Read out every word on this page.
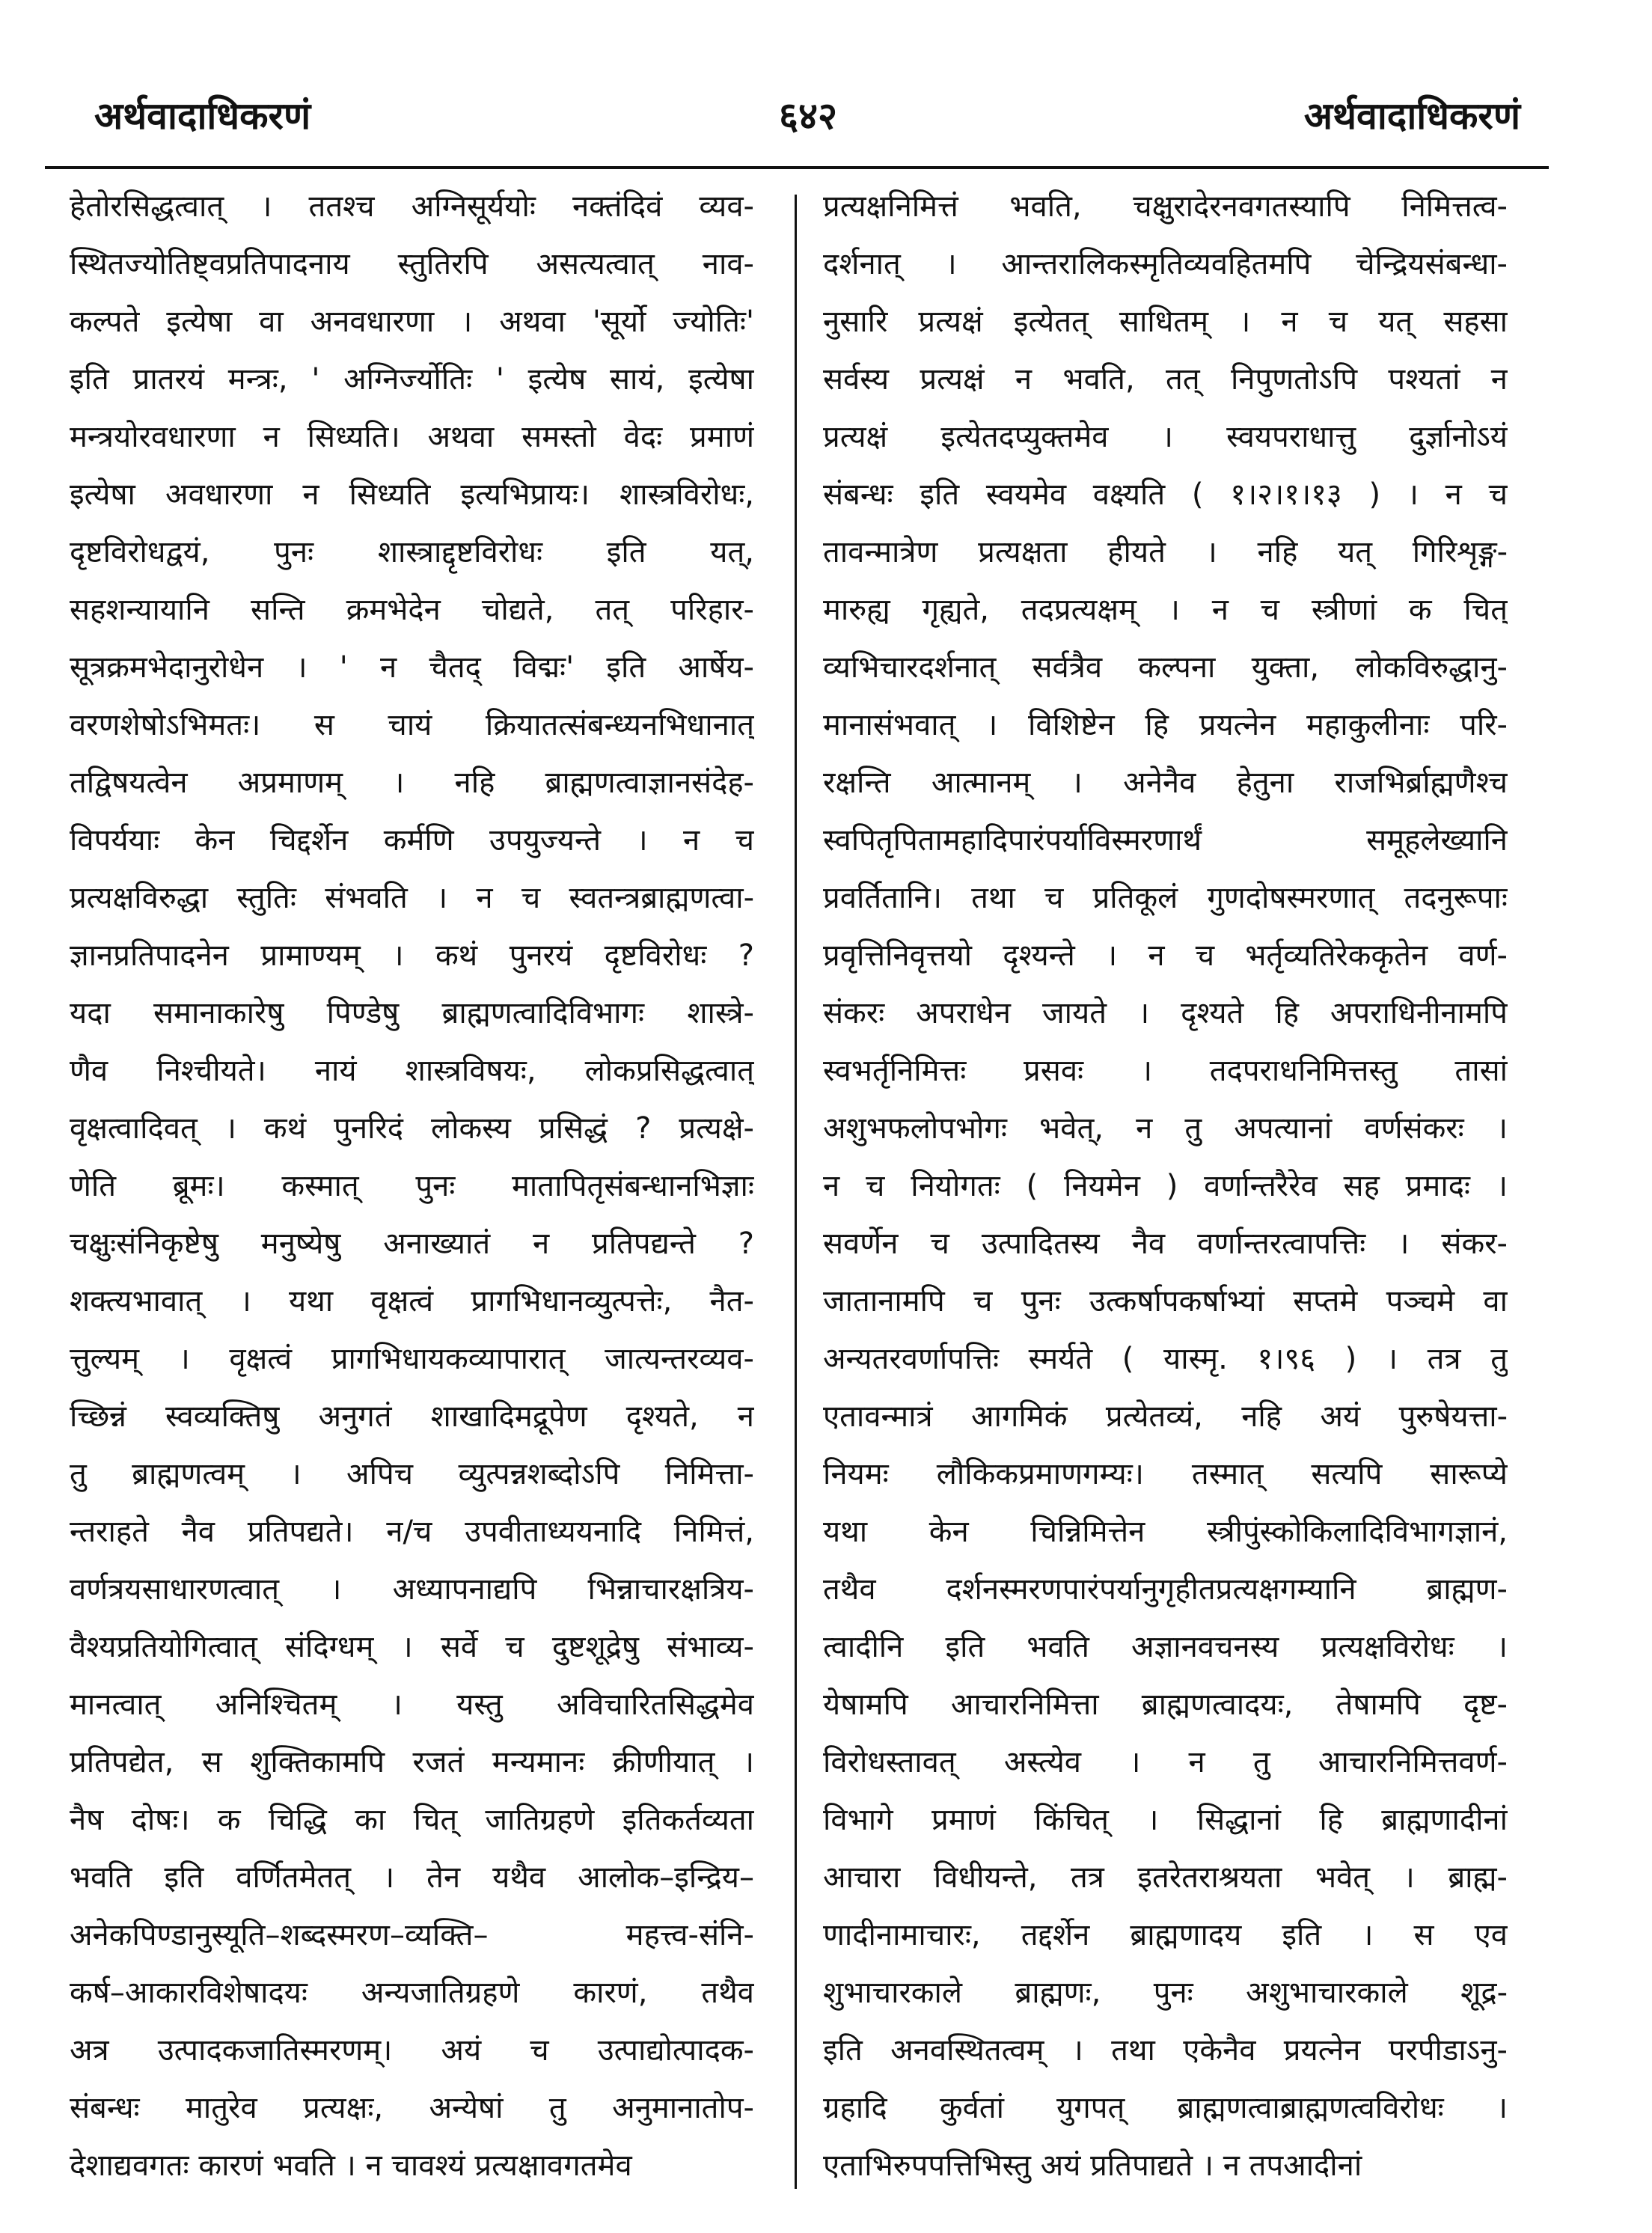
अर्थवादाधिकरणं	६४२	अर्थवादाधिकरणं
हेतोरसिद्धत्वात् । ततश्च अग्निसूर्ययोः नक्तंदिवं व्यव-
स्थितज्योतिष्ट्वप्रतिपादनाय स्तुतिरपि असत्यत्वात् नाव-
कल्पते इत्येषा वा अनवधारणा । अथवा 'सूर्यो ज्योतिः'
इति प्रातरयं मन्त्रः, ' अग्निर्ज्योतिः ' इत्येष सायं, इत्येषा
मन्त्रयोरवधारणा न सिध्यति। अथवा समस्तो वेदः प्रमाणं
इत्येषा अवधारणा न सिध्यति इत्यभिप्रायः। शास्त्रविरोधः,
दृष्टविरोधद्वयं, पुनः शास्त्राद्दृष्टविरोधः इति यत्,
सहशन्यायानि सन्ति क्रमभेदेन चोद्यते, तत् परिहार-
सूत्रक्रमभेदानुरोधेन । ' न चैतद् विद्मः' इति आर्षेय-
वरणशेषोऽभिमतः। स चायं क्रियातत्संबन्ध्यनभिधानात्
तद्विषयत्वेन अप्रमाणम् । नहि ब्राह्मणत्वाज्ञानसंदेह-
विपर्ययाः केन चिद्दर्शेन कर्मणि उपयुज्यन्ते । न च
प्रत्यक्षविरुद्धा स्तुतिः संभवति । न च स्वतन्त्रब्राह्मणत्वा-
ज्ञानप्रतिपादनेन प्रामाण्यम् । कथं पुनरयं दृष्टविरोधः ?
यदा समानाकारेषु पिण्डेषु ब्राह्मणत्वादिविभागः शास्त्रे-
णैव निश्चीयते। नायं शास्त्रविषयः, लोकप्रसिद्धत्वात्
वृक्षत्वादिवत् । कथं पुनरिदं लोकस्य प्रसिद्धं ? प्रत्यक्षे-
णेति ब्रूमः। कस्मात् पुनः मातापितृसंबन्धानभिज्ञाः
चक्षुःसंनिकृष्टेषु मनुष्येषु अनाख्यातं न प्रतिपद्यन्ते ?
शक्त्यभावात् । यथा वृक्षत्वं प्रागभिधानव्युत्पत्तेः, नैत-
त्तुल्यम् । वृक्षत्वं प्रागभिधायकव्यापारात् जात्यन्तरव्यव-
च्छिन्नं स्वव्यक्तिषु अनुगतं शाखादिमद्रूपेण दृश्यते, न
तु ब्राह्मणत्वम् । अपिच व्युत्पन्नशब्दोऽपि निमित्ता-
न्तराहते नैव प्रतिपद्यते। न/च उपवीताध्ययनादि निमित्तं,
वर्णत्रयसाधारणत्वात् । अध्यापनाद्यपि भिन्नाचारक्षत्रिय-
वैश्यप्रतियोगित्वात् संदिग्धम् । सर्वे च दुष्टशूद्रेषु संभाव्य-
मानत्वात् अनिश्चितम् । यस्तु अविचारितसिद्धमेव
प्रतिपद्येत, स शुक्तिकामपि रजतं मन्यमानः क्रीणीयात् ।
नैष दोषः। क चिद्धि का चित् जातिग्रहणे इतिकर्तव्यता
भवति इति वर्णितमेतत् । तेन यथैव आलोक–इन्द्रिय–
अनेकपिण्डानुस्यूति–शब्दस्मरण–व्यक्ति– महत्त्व-संनि-
कर्ष–आकारविशेषादयः अन्यजातिग्रहणे कारणं, तथैव
अत्र उत्पादकजातिस्मरणम्। अयं च उत्पाद्योत्पादक-
संबन्धः मातुरेव प्रत्यक्षः, अन्येषां तु अनुमानातोप-
देशाद्यवगतः कारणं भवति । न चावश्यं प्रत्यक्षावगतमेव
प्रत्यक्षनिमित्तं भवति, चक्षुरादेरनवगतस्यापि निमित्तत्व-
दर्शनात् । आन्तरालिकस्मृतिव्यवहितमपि चेन्द्रियसंबन्धा-
नुसारि प्रत्यक्षं इत्येतत् साधितम् । न च यत् सहसा
सर्वस्य प्रत्यक्षं न भवति, तत् निपुणतोऽपि पश्यतां न
प्रत्यक्षं इत्येतदप्युक्तमेव । स्वयपराधात्तु दुर्ज्ञानोऽयं
संबन्धः इति स्वयमेव वक्ष्यति ( १।२।१।१३ ) । न च
तावन्मात्रेण प्रत्यक्षता हीयते । नहि यत् गिरिशृङ्ग-
मारुह्य गृह्यते, तदप्रत्यक्षम् । न च स्त्रीणां क चित्
व्यभिचारदर्शनात् सर्वत्रैव कल्पना युक्ता, लोकविरुद्धानु-
मानासंभवात् । विशिष्टेन हि प्रयत्नेन महाकुलीनाः परि-
रक्षन्ति आत्मानम् । अनेनैव हेतुना राजभिर्ब्राह्मणैश्च
स्वपितृपितामहादिपारंपर्याविस्मरणार्थं समूहलेख्यानि
प्रवर्तितानि। तथा च प्रतिकूलं गुणदोषस्मरणात् तदनुरूपाः
प्रवृत्तिनिवृत्तयो दृश्यन्ते । न च भर्तृव्यतिरेककृतेन वर्ण-
संकरः अपराधेन जायते । दृश्यते हि अपराधिनीनामपि
स्वभर्तृनिमित्तः प्रसवः । तदपराधनिमित्तस्तु तासां
अशुभफलोपभोगः भवेत्, न तु अपत्यानां वर्णसंकरः ।
न च नियोगतः ( नियमेन ) वर्णान्तरैरेव सह प्रमादः ।
सवर्णेन च उत्पादितस्य नैव वर्णान्तरत्वापत्तिः । संकर-
जातानामपि च पुनः उत्कर्षापकर्षाभ्यां सप्तमे पञ्चमे वा
अन्यतरवर्णापत्तिः स्मर्यते ( यास्मृ. १।९६ ) । तत्र तु
एतावन्मात्रं आगमिकं प्रत्येतव्यं, नहि अयं पुरुषेयत्ता-
नियमः लौकिकप्रमाणगम्यः। तस्मात् सत्यपि सारूप्ये
यथा केन चिन्निमित्तेन स्त्रीपुंस्कोकिलादिविभागज्ञानं,
तथैव दर्शनस्मरणपारंपर्यानुगृहीतप्रत्यक्षगम्यानि ब्राह्मण-
त्वादीनि इति भवति अज्ञानवचनस्य प्रत्यक्षविरोधः ।
येषामपि आचारनिमित्ता ब्राह्मणत्वादयः, तेषामपि दृष्ट-
विरोधस्तावत् अस्त्येव । न तु आचारनिमित्तवर्ण-
विभागे प्रमाणं किंचित् । सिद्धानां हि ब्राह्मणादीनां
आचारा विधीयन्ते, तत्र इतरेतराश्रयता भवेत् । ब्राह्म-
णादीनामाचारः, तद्दर्शेन ब्राह्मणादय इति । स एव
शुभाचारकाले ब्राह्मणः, पुनः अशुभाचारकाले शूद्र-
इति अनवस्थितत्वम् । तथा एकेनैव प्रयत्नेन परपीडाऽनु-
ग्रहादि कुर्वतां युगपत् ब्राह्मणत्वाब्राह्मणत्वविरोधः ।
एताभिरुपपत्तिभिस्तु अयं प्रतिपाद्यते । न तपआदीनां
